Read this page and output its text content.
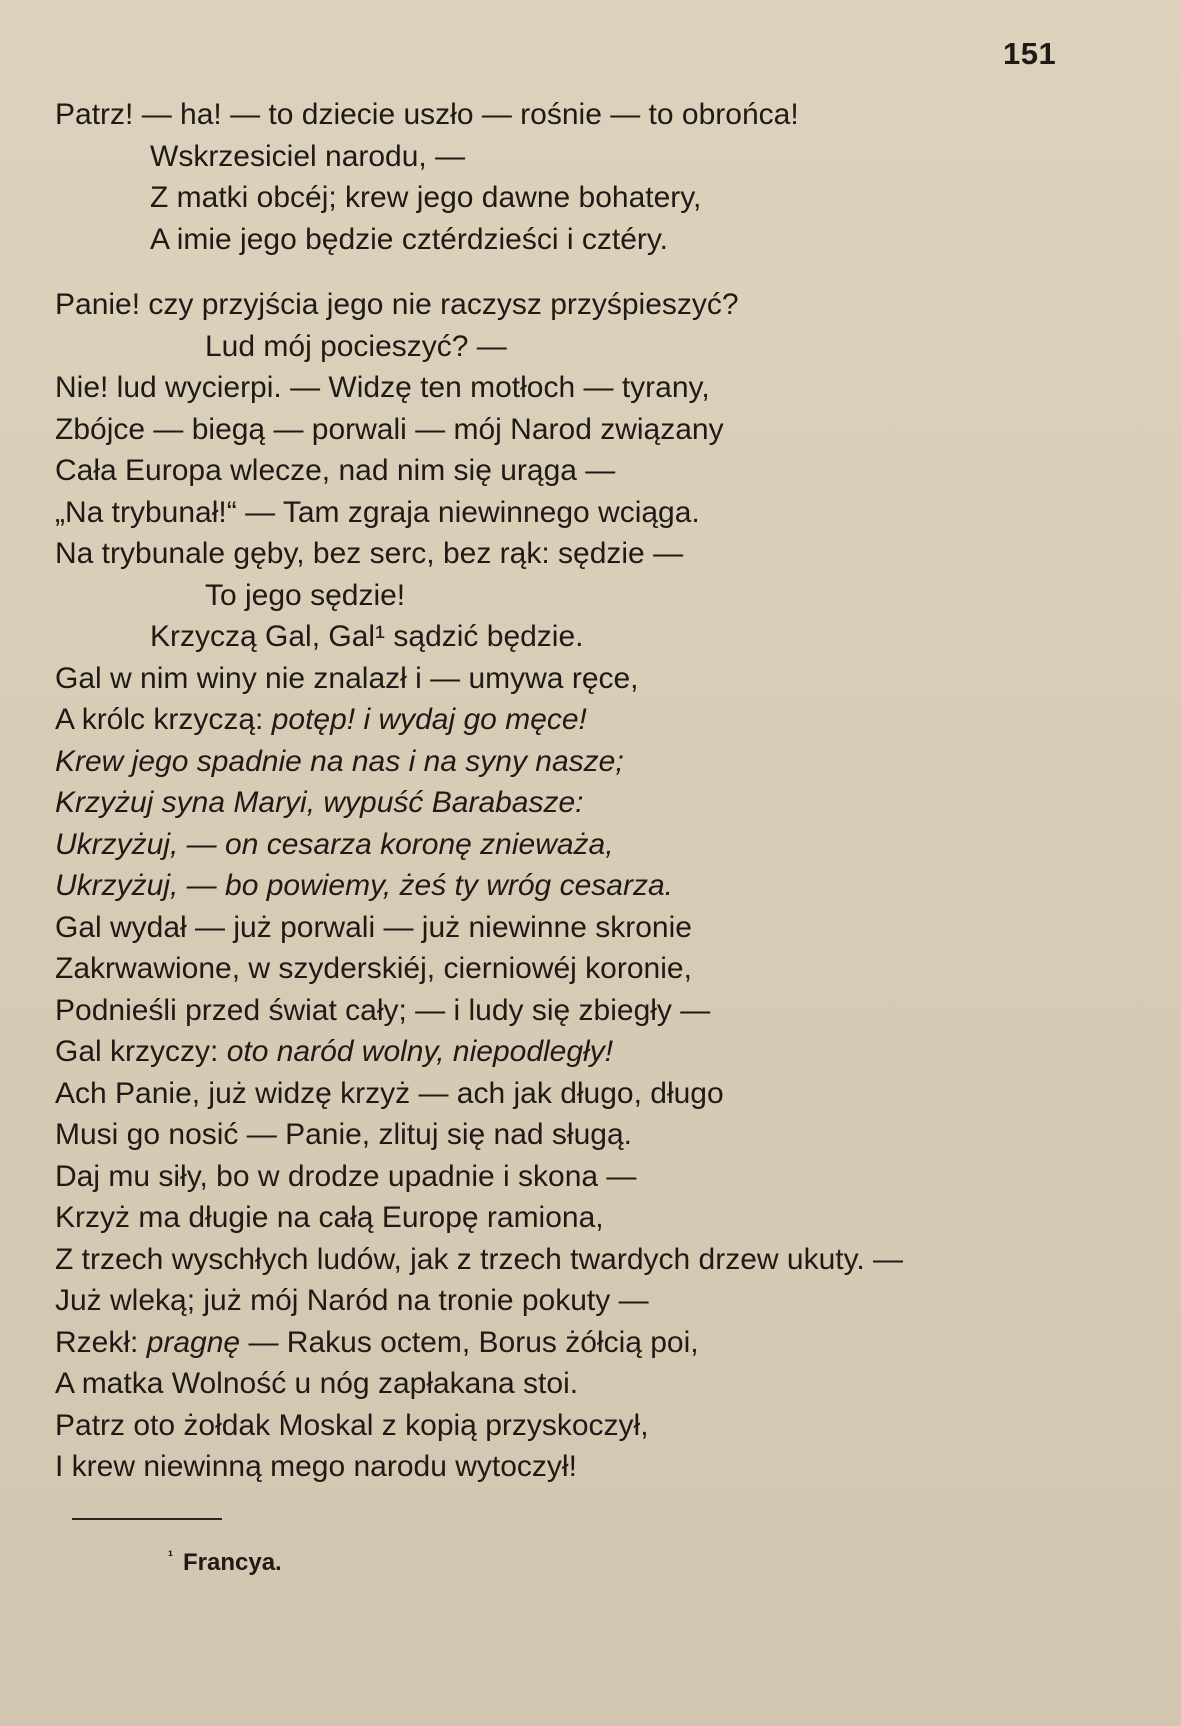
151
Patrz! — ha! — to dziecie uszło — rośnie — to obrońca!
Wskrzesiciel narodu, —
Z matki obcéj; krew jego dawne bohatery,
A imie jego będzie cztérdzieści i cztéry.
Panie! czy przyjścia jego nie raczysz przyśpieszyć?
Lud mój pocieszyć? —
Nie! lud wycierpi. — Widzę ten motłoch — tyrany,
Zbójce — biegą — porwali — mój Narod związany
Cała Europa wlecze, nad nim się urąga —
„Na trybunał!“ — Tam zgraja niewinnego wciąga.
Na trybunale gęby, bez serc, bez rąk: sędzie —
To jego sędzie!
Krzyczą Gal, Gal¹ sądzić będzie.
Gal w nim winy nie znalazł i — umywa ręce,
A królc krzyczą: potęp! i wydaj go męce!
Krew jego spadnie na nas i na syny nasze;
Krzyżuj syna Maryi, wypuść Barabasze:
Ukrzyżuj, — on cesarza koronę znieważa,
Ukrzyżuj, — bo powiemy, żeś ty wróg cesarza.
Gal wydał — już porwali — już niewinne skronie
Zakrwawione, w szyderskiéj, cierniowéj koronie,
Podnieśli przed świat cały; — i ludy się zbiegły —
Gal krzyczy: oto naród wolny, niepodległy!
Ach Panie, już widzę krzyż — ach jak długo, długo
Musi go nosić — Panie, zlituj się nad sługą.
Daj mu siły, bo w drodze upadnie i skona —
Krzyż ma długie na całą Europę ramiona,
Z trzech wyschłych ludów, jak z trzech twardych drzew ukuty. —
Już wleką; już mój Naród na tronie pokuty —
Rzekł: pragnę — Rakus octem, Borus żółcią poi,
A matka Wolność u nóg zapłakana stoi.
Patrz oto żołdak Moskal z kopią przyskoczył,
I krew niewinną mego narodu wytoczył!
$^{^1}$ Francya.
